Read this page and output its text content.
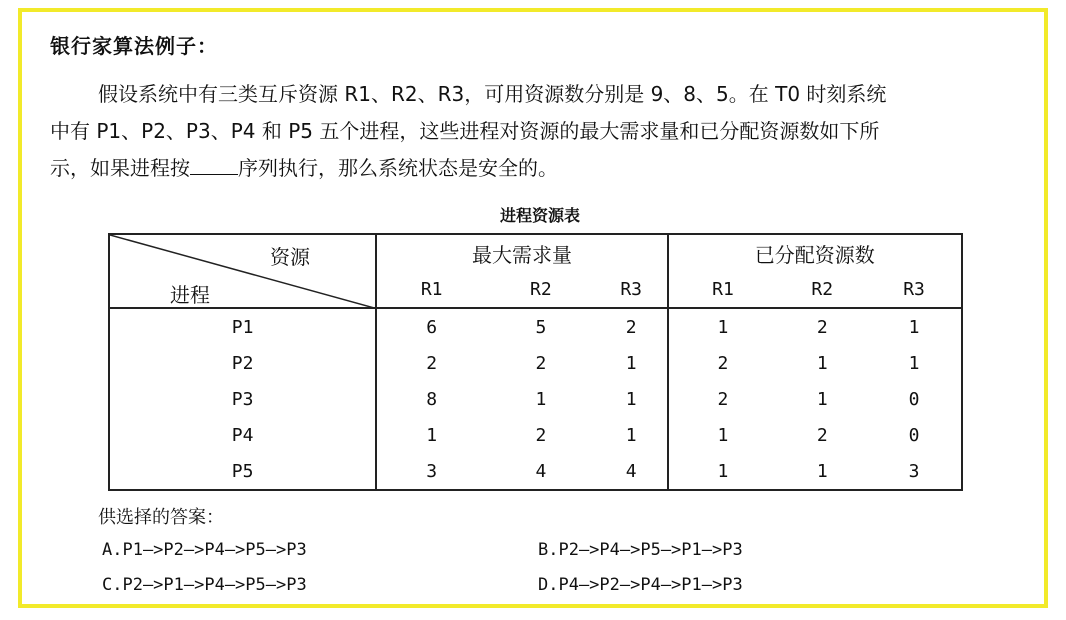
银行家算法例子：
假设系统中有三类互斥资源 R1、R2、R3，可用资源数分别是 9、8、5。在 T0 时刻系统
中有 P1、P2、P3、P4 和 P5 五个进程，这些进程对资源的最大需求量和已分配资源数如下所
示，如果进程按 序列执行，那么系统状态是安全的。
进程资源表
资源
进程	最大需求量			已分配资源数		
	R1	R2	R3	R1	R2	R3
P1	6	5	2	1	2	1
P2	2	2	1	2	1	1
P3	8	1	1	2	1	0
P4	1	2	1	1	2	0
P5	3	4	4	1	1	3
供选择的答案：
A.P1—>P2—>P4—>P5—>P3	B.P2—>P4—>P5—>P1—>P3
C.P2—>P1—>P4—>P5—>P3	D.P4—>P2—>P4—>P1—>P3
